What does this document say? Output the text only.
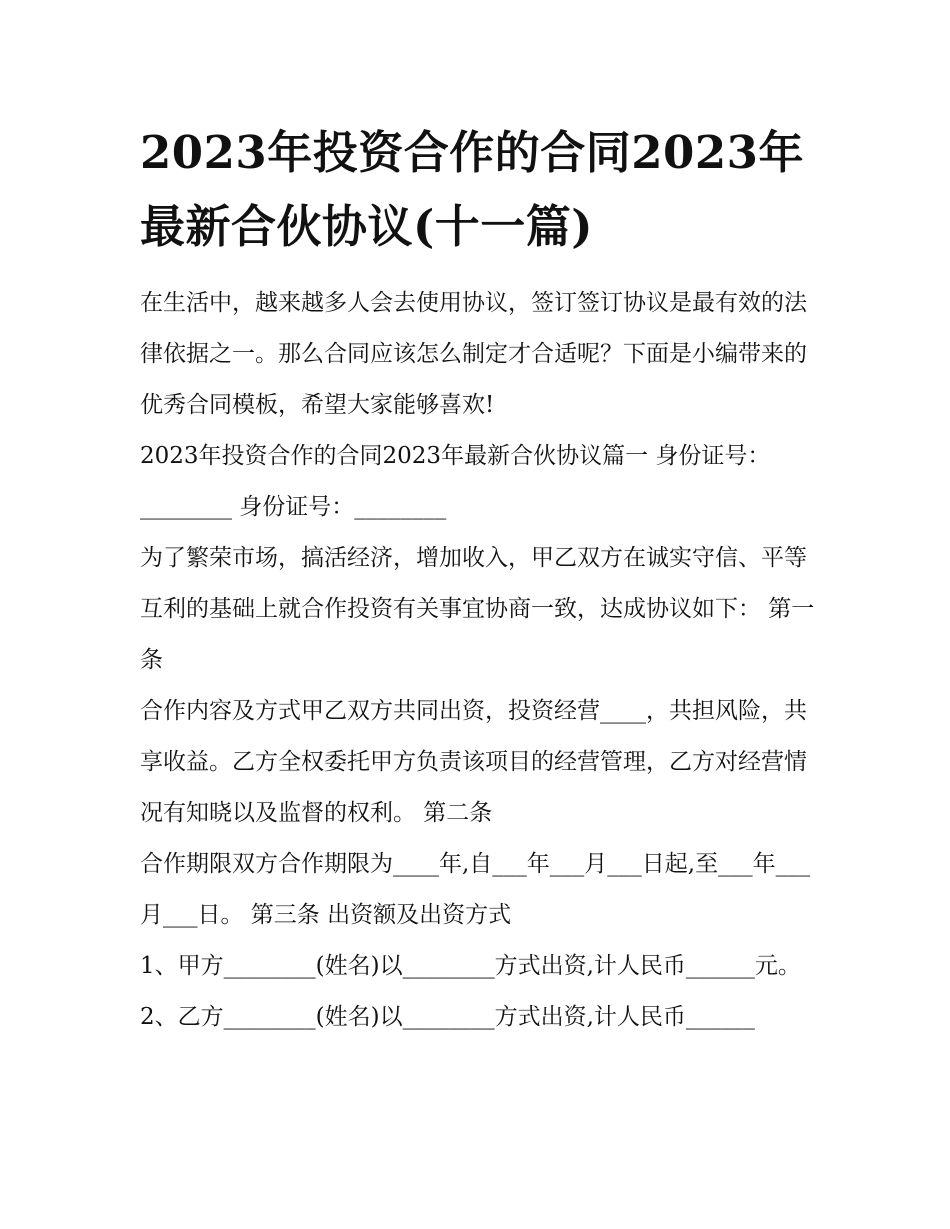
2023年投资合作的合同2023年最新合伙协议(十一篇)

在生活中，越来越多人会去使用协议，签订签订协议是最有效的法律依据之一。那么合同应该怎么制定才合适呢？下面是小编带来的优秀合同模板，希望大家能够喜欢!

2023年投资合作的合同2023年最新合伙协议篇一 身份证号：________ 身份证号：________

为了繁荣市场，搞活经济，增加收入，甲乙双方在诚实守信、平等互利的基础上就合作投资有关事宜协商一致，达成协议如下： 第一条

合作内容及方式甲乙双方共同出资，投资经营____，共担风险，共享收益。乙方全权委托甲方负责该项目的经营管理，乙方对经营情况有知晓以及监督的权利。 第二条

合作期限双方合作期限为____年,自___年___月___日起,至___年___月___日。 第三条 出资额及出资方式

1、甲方________(姓名)以________方式出资,计人民币______元。

2、乙方________(姓名)以________方式出资,计人民币______
